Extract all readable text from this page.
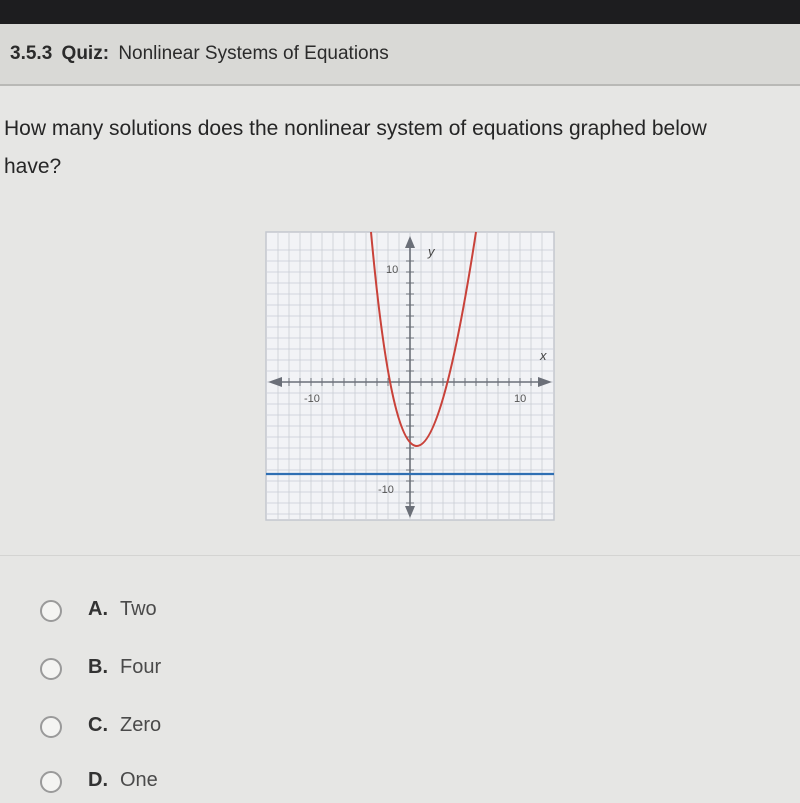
3.5.3 Quiz: Nonlinear Systems of Equations
How many solutions does the nonlinear system of equations graphed below
have?
-10	10
10
-10
x
y
A. Two
B. Four
C. Zero
D. One
